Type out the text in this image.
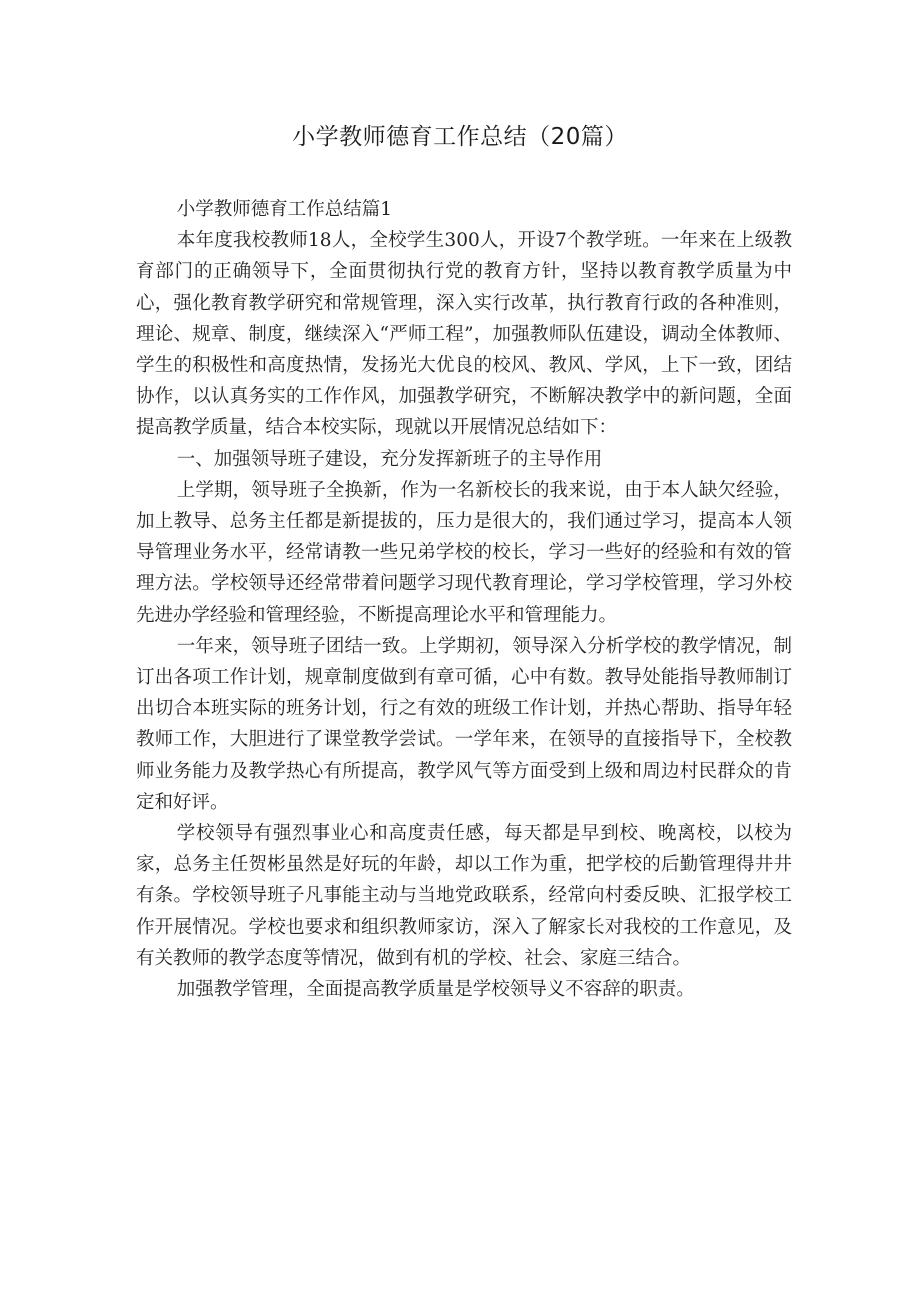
小学教师德育工作总结（20篇）

小学教师德育工作总结篇1

本年度我校教师18人，全校学生300人，开设7个教学班。一年来在上级教育部门的正确领导下，全面贯彻执行党的教育方针，坚持以教育教学质量为中心，强化教育教学研究和常规管理，深入实行改革，执行教育行政的各种准则，理论、规章、制度，继续深入“严师工程”，加强教师队伍建设，调动全体教师、学生的积极性和高度热情，发扬光大优良的校风、教风、学风，上下一致，团结协作，以认真务实的工作作风，加强教学研究，不断解决教学中的新问题，全面提高教学质量，结合本校实际，现就以开展情况总结如下：

一、加强领导班子建设，充分发挥新班子的主导作用

上学期，领导班子全换新，作为一名新校长的我来说，由于本人缺欠经验，加上教导、总务主任都是新提拔的，压力是很大的，我们通过学习，提高本人领导管理业务水平，经常请教一些兄弟学校的校长，学习一些好的经验和有效的管理方法。学校领导还经常带着问题学习现代教育理论，学习学校管理，学习外校先进办学经验和管理经验，不断提高理论水平和管理能力。

一年来，领导班子团结一致。上学期初，领导深入分析学校的教学情况，制订出各项工作计划，规章制度做到有章可循，心中有数。教导处能指导教师制订出切合本班实际的班务计划，行之有效的班级工作计划，并热心帮助、指导年轻教师工作，大胆进行了课堂教学尝试。一学年来，在领导的直接指导下，全校教师业务能力及教学热心有所提高，教学风气等方面受到上级和周边村民群众的肯定和好评。

学校领导有强烈事业心和高度责任感，每天都是早到校、晚离校，以校为家，总务主任贺彬虽然是好玩的年龄，却以工作为重，把学校的后勤管理得井井有条。学校领导班子凡事能主动与当地党政联系，经常向村委反映、汇报学校工作开展情况。学校也要求和组织教师家访，深入了解家长对我校的工作意见，及有关教师的教学态度等情况，做到有机的学校、社会、家庭三结合。

加强教学管理，全面提高教学质量是学校领导义不容辞的职责。
